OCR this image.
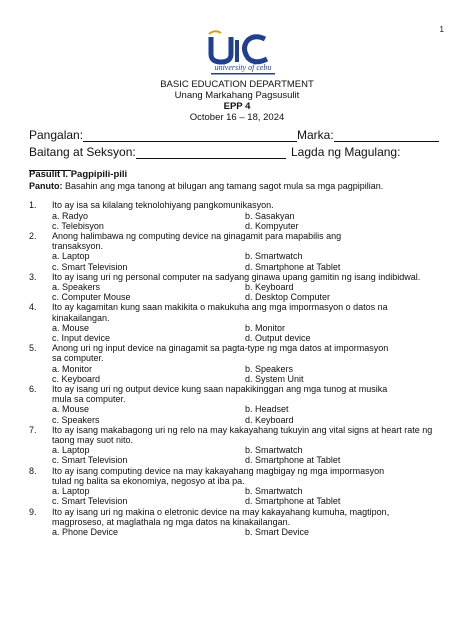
1
university of cebu
BASIC EDUCATION DEPARTMENT
Unang Markahang Pagsusulit
EPP 4
October 16 – 18, 2024
Pangalan:	Marka:
Baitang at Seksyon:	Lagda ng Magulang:
Pasulit I. Pagpipili-pili
Panuto: Basahin ang mga tanong at bilugan ang tamang sagot mula sa mga pagpipilian.
1.	Ito ay isa sa kilalang teknolohiyang pangkomunikasyon.
a. Radyo	b. Sasakyan
c. Telebisyon	d. Kompyuter
2.	Anong halimbawa ng computing device na ginagamit para mapabilis ang
transaksyon.
a. Laptop	b. Smartwatch
c. Smart Television	d. Smartphone at Tablet
3.	Ito ay isang uri ng personal computer na sadyang ginawa upang gamitin ng isang indibidwal.
a. Speakers	b. Keyboard
c. Computer Mouse	d. Desktop Computer
4.	Ito ay kagamitan kung saan makikita o makukuha ang mga impormasyon o datos na
kinakailangan.
a. Mouse	b. Monitor
c. Input device	d. Output device
5.	Anong uri ng input device na ginagamit sa pagta-type ng mga datos at impormasyon
sa computer.
a. Monitor	b. Speakers
c. Keyboard	d. System Unit
6.	Ito ay isang uri ng output device kung saan napakikinggan ang mga tunog at musika
mula sa computer.
a. Mouse	b. Headset
c. Speakers	d. Keyboard
7.	Ito ay isang makabagong uri ng relo na may kakayahang tukuyin ang vital signs at heart rate ng taong may suot nito.
a. Laptop	b. Smartwatch
c. Smart Television	d. Smartphone at Tablet
8.	Ito ay isang computing device na may kakayahang magbigay ng mga impormasyon
tulad ng balita sa ekonomiya, negosyo at iba pa.
a. Laptop	b. Smartwatch
c. Smart Television	d. Smartphone at Tablet
9.	Ito ay isang uri ng makina o eletronic device na may kakayahang kumuha, magtipon,
magproseso, at maglathala ng mga datos na kinakailangan.
a. Phone Device	b. Smart Device
